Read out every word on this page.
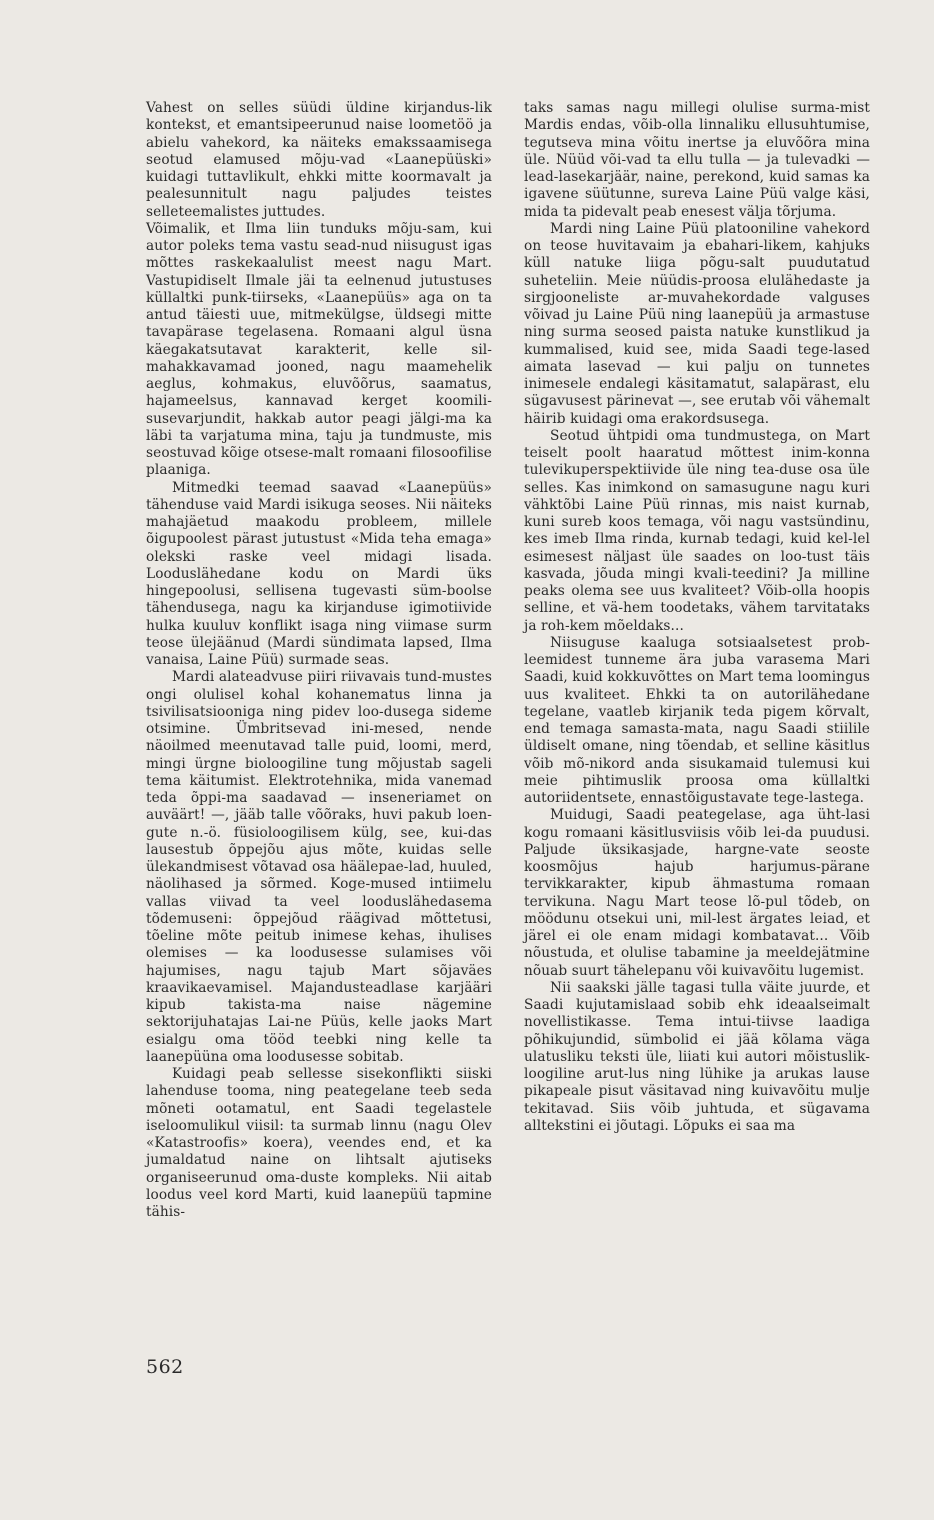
Vahest on selles süüdi üldine kirjandus-lik kontekst, et emantsipeerunud naise loometöö ja abielu vahekord, ka näiteks emakssaamisega seotud elamused mõju-vad «Laanepüüski» kuidagi tuttavlikult, ehkki mitte koormavalt ja pealesunnitult nagu paljudes teistes selleteemalistes juttudes.

Võimalik, et Ilma liin tunduks mõju-sam, kui autor poleks tema vastu sead-nud niisugust igas mõttes raskekaalulist meest nagu Mart. Vastupidiselt Ilmale jäi ta eelnenud jutustuses küllaltki punk-tiirseks, «Laanepüüs» aga on ta antud täiesti uue, mitmekülgse, üldsegi mitte tavapärase tegelasena. Romaani algul üsna käegakatsutavat karakterit, kelle sil-mahakkavamad jooned, nagu maamehelik aeglus, kohmakus, eluvõõrus, saamatus, hajameelsus, kannavad kerget koomili-susevarjundit, hakkab autor peagi jälgi-ma ka läbi ta varjatuma mina, taju ja tundmuste, mis seostuvad kõige otsese-malt romaani filosoofilise plaaniga.

Mitmedki teemad saavad «Laanepüüs» tähenduse vaid Mardi isikuga seoses. Nii näiteks mahajäetud maakodu probleem, millele õigupoolest pärast jutustust «Mida teha emaga» olekski raske veel midagi lisada. Looduslähedane kodu on Mardi üks hingepoolusi, sellisena tugevasti süm-boolse tähendusega, nagu ka kirjanduse igimotiivide hulka kuuluv konflikt isaga ning viimase surm teose ülejäänud (Mardi sündimata lapsed, Ilma vanaisa, Laine Püü) surmade seas.

Mardi alateadvuse piiri riivavais tund-mustes ongi olulisel kohal kohanematus linna ja tsivilisatsiooniga ning pidev loo-dusega sideme otsimine. Ümbritsevad ini-mesed, nende näoilmed meenutavad talle puid, loomi, merd, mingi ürgne bioloogiline tung mõjustab sageli tema käitumist. Elektrotehnika, mida vanemad teda õppi-ma saadavad — inseneriamet on auväärt! —, jääb talle võõraks, huvi pakub loen-gute n.-ö. füsioloogilisem külg, see, kui-das lausestub õppejõu ajus mõte, kuidas selle ülekandmisest võtavad osa häälepae-lad, huuled, näolihased ja sõrmed. Koge-mused intiimelu vallas viivad ta veel looduslähedasema tõdemuseni: õppejõud räägivad mõttetusi, tõeline mõte peitub inimese kehas, ihulises olemises — ka loodusesse sulamises või hajumises, nagu tajub Mart sõjaväes kraavikaevamisel. Majandusteadlase karjääri kipub takista-ma naise nägemine sektorijuhatajas Lai-ne Püüs, kelle jaoks Mart esialgu oma tööd teebki ning kelle ta laanepüüna oma loodusesse sobitab.

Kuidagi peab sellesse sisekonflikti siiski lahenduse tooma, ning peategelane teeb seda mõneti ootamatul, ent Saadi tegelastele iseloomulikul viisil: ta surmab linnu (nagu Olev «Katastroofis» koera), veendes end, et ka jumaldatud naine on lihtsalt ajutiseks organiseerunud oma-duste kompleks. Nii aitab loodus veel kord Marti, kuid laanepüü tapmine tähis-

taks samas nagu millegi olulise surma-mist Mardis endas, võib-olla linnaliku ellusuhtumise, tegutseva mina võitu inertse ja eluvõõra mina üle. Nüüd või-vad ta ellu tulla — ja tulevadki — lead-lasekarjäär, naine, perekond, kuid samas ka igavene süütunne, sureva Laine Püü valge käsi, mida ta pidevalt peab enesest välja tõrjuma.

Mardi ning Laine Püü platooniline vahekord on teose huvitavaim ja ebahari-likem, kahjuks küll natuke liiga põgu-salt puudutatud suheteliin. Meie nüüdis-proosa elulähedaste ja sirgjooneliste ar-muvahekordade valguses võivad ju Laine Püü ning laanepüü ja armastuse ning surma seosed paista natuke kunstlikud ja kummalised, kuid see, mida Saadi tege-lased aimata lasevad — kui palju on tunnetes inimesele endalegi käsitamatut, salapärast, elu sügavusest pärinevat —, see erutab või vähemalt häirib kuidagi oma erakordsusega.

Seotud ühtpidi oma tundmustega, on Mart teiselt poolt haaratud mõttest inim-konna tulevikuperspektiivide üle ning tea-duse osa üle selles. Kas inimkond on samasugune nagu kuri vähktõbi Laine Püü rinnas, mis naist kurnab, kuni sureb koos temaga, või nagu vastsündinu, kes imeb Ilma rinda, kurnab tedagi, kuid kel-lel esimesest näljast üle saades on loo-tust täis kasvada, jõuda mingi kvali-teedini? Ja milline peaks olema see uus kvaliteet? Võib-olla hoopis selline, et vä-hem toodetaks, vähem tarvitataks ja roh-kem mõeldaks...

Niisuguse kaaluga sotsiaalsetest prob-leemidest tunneme ära juba varasema Mari Saadi, kuid kokkuvõttes on Mart tema loomingus uus kvaliteet. Ehkki ta on autorilähedane tegelane, vaatleb kirjanik teda pigem kõrvalt, end temaga samasta-mata, nagu Saadi stiilile üldiselt omane, ning tõendab, et selline käsitlus võib mõ-nikord anda sisukamaid tulemusi kui meie pihtimuslik proosa oma küllaltki autoriidentsete, ennastõigustavate tege-lastega.

Muidugi, Saadi peategelase, aga üht-lasi kogu romaani käsitlusviisis võib lei-da puudusi. Paljude üksikasjade, hargne-vate seoste koosmõjus hajub harjumus-pärane tervikkarakter, kipub ähmastuma romaan tervikuna. Nagu Mart teose lõ-pul tõdeb, on möödunu otsekui uni, mil-lest ärgates leiad, et järel ei ole enam midagi kombatavat... Võib nõustuda, et olulise tabamine ja meeldejätmine nõuab suurt tähelepanu või kuivavõitu lugemist.

Nii saakski jälle tagasi tulla väite juurde, et Saadi kujutamislaad sobib ehk ideaalseimalt novellistikasse. Tema intui-tiivse laadiga põhikujundid, sümbolid ei jää kõlama väga ulatusliku teksti üle, liiati kui autori mõistuslik-loogiline arut-lus ning lühike ja arukas lause pikapeale pisut väsitavad ning kuivavõitu mulje tekitavad. Siis võib juhtuda, et sügavama alltekstini ei jõutagi. Lõpuks ei saa ma

562
